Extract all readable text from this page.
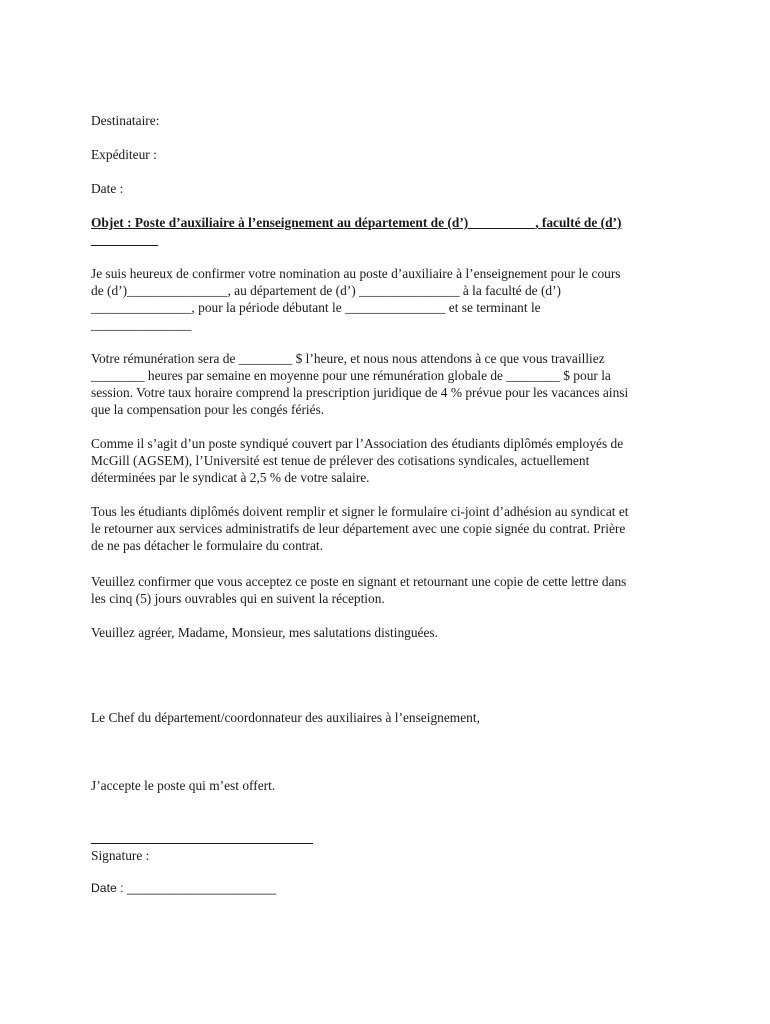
Destinataire:
Expéditeur :
Date :
Objet : Poste d’auxiliaire à l’enseignement au département de (d’)__________, faculté de (d’)
__________
Je suis heureux de confirmer votre nomination au poste d’auxiliaire à l’enseignement pour le cours
de (d’)_______________, au département de (d’) _______________ à la faculté de (d’)
_______________, pour la période débutant le _______________ et se terminant le
_______________
Votre rémunération sera de ________ $ l’heure, et nous nous attendons à ce que vous travailliez
________ heures par semaine en moyenne pour une rémunération globale de ________ $ pour la
session. Votre taux horaire comprend la prescription juridique de 4 % prévue pour les vacances ainsi
que la compensation pour les congés fériés.
Comme il s’agit d’un poste syndiqué couvert par l’Association des étudiants diplômés employés de
McGill (AGSEM), l’Université est tenue de prélever des cotisations syndicales, actuellement
déterminées par le syndicat à 2,5 % de votre salaire.
Tous les étudiants diplômés doivent remplir et signer le formulaire ci-joint d’adhésion au syndicat et
le retourner aux services administratifs de leur département avec une copie signée du contrat. Prière
de ne pas détacher le formulaire du contrat.
Veuillez confirmer que vous acceptez ce poste en signant et retournant une copie de cette lettre dans
les cinq (5) jours ouvrables qui en suivent la réception.
Veuillez agréer, Madame, Monsieur, mes salutations distinguées.
Le Chef du département/coordonnateur des auxiliaires à l’enseignement,
J’accepte le poste qui m’est offert.
Signature :
Date : ______________________
